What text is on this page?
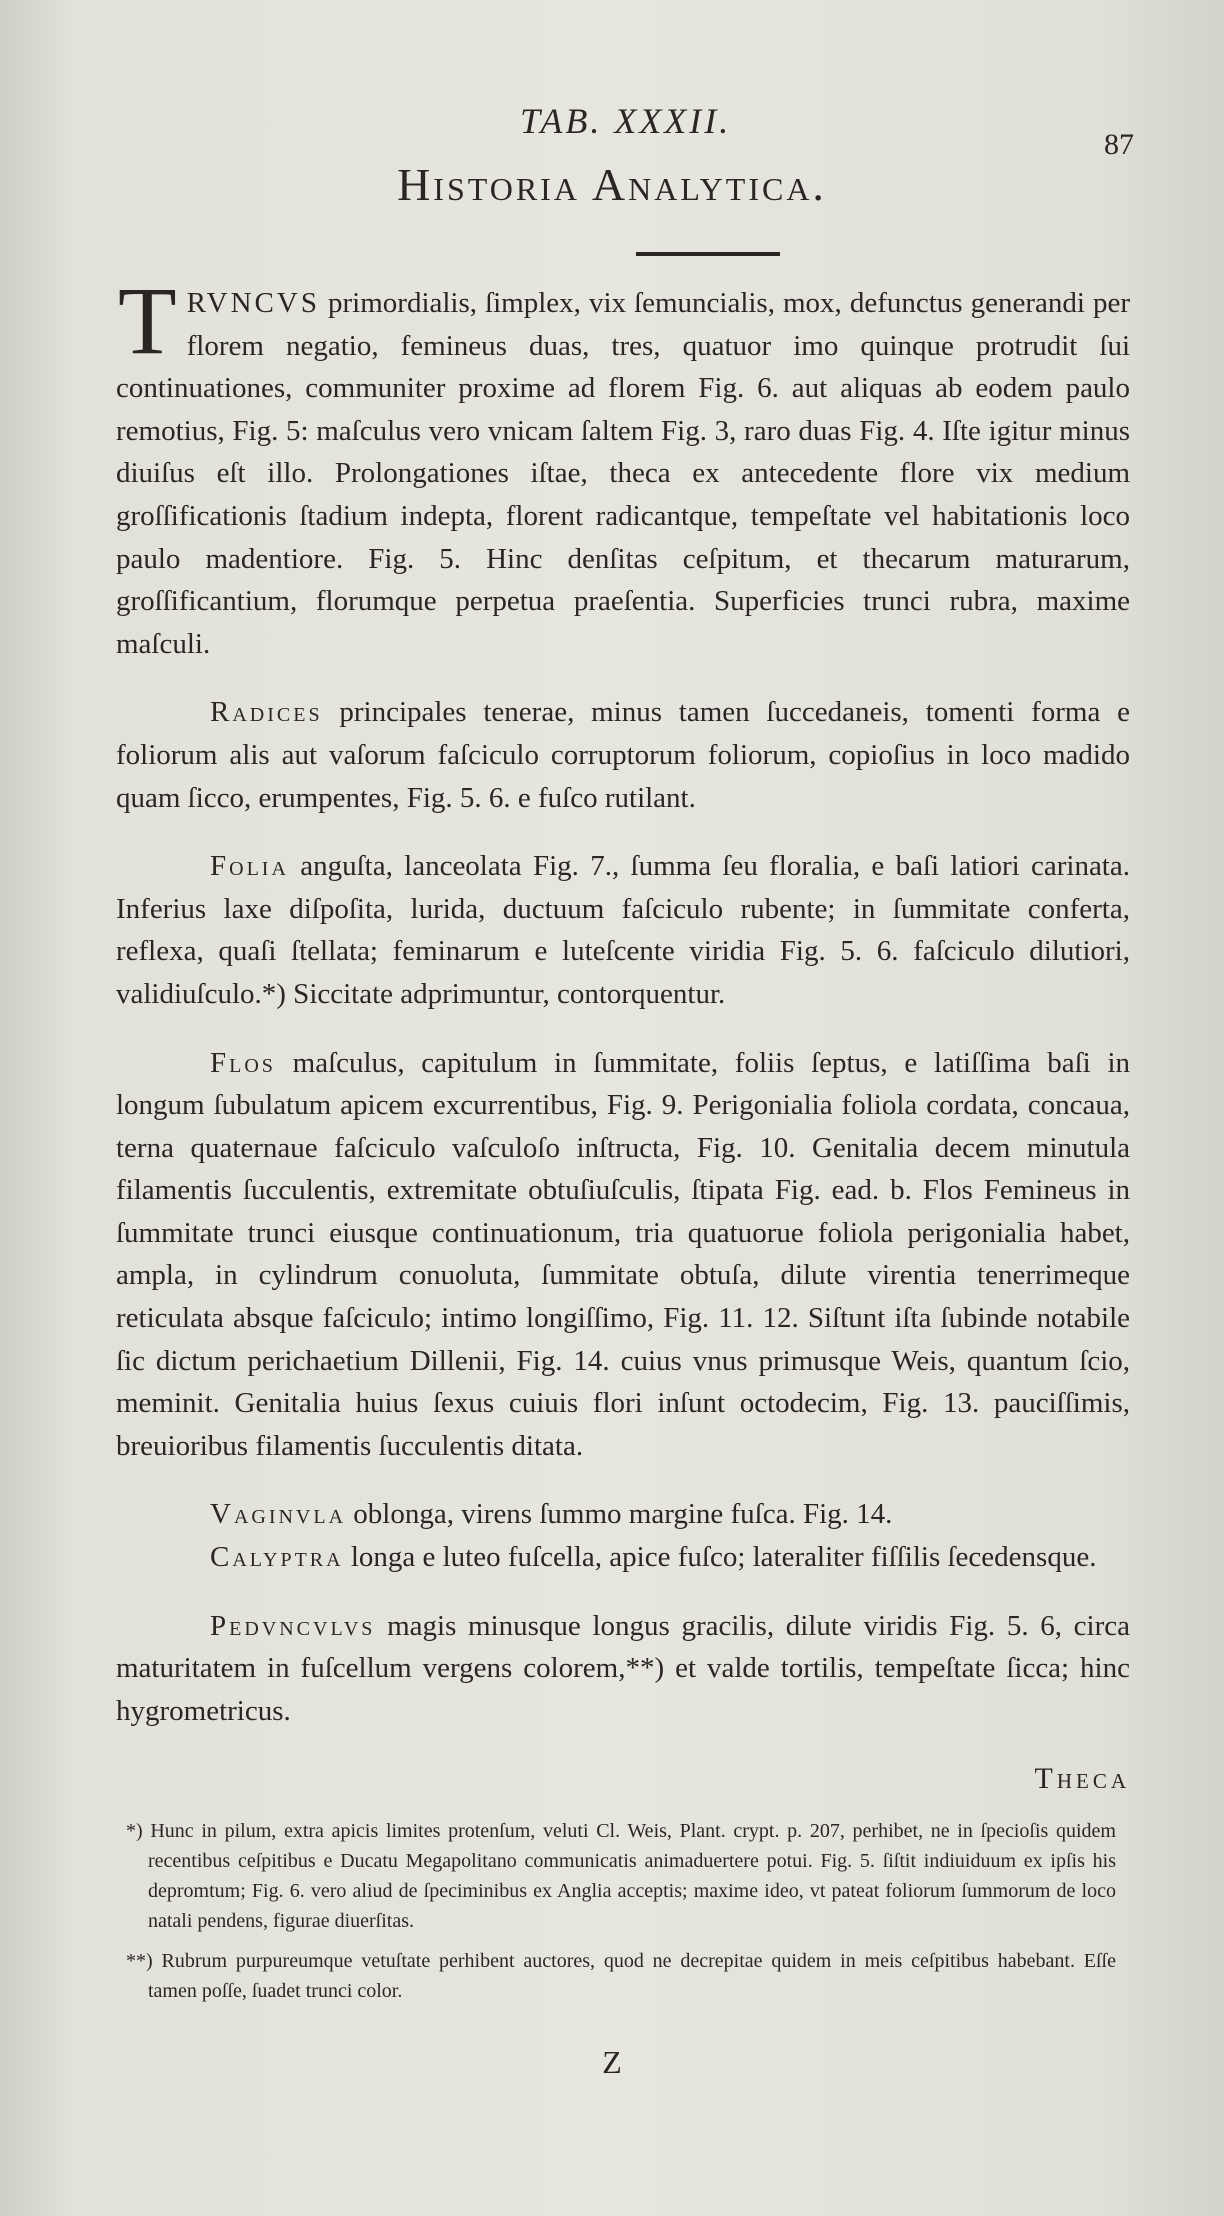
TAB. XXXII.
87
Historia Analytica.

TRVNCVS primordialis, ſimplex, vix ſemuncialis, mox, defunctus generandi per florem negatio, femineus duas, tres, quatuor imo quinque protrudit ſui continuationes, communiter proxime ad florem Fig. 6. aut aliquas ab eodem paulo remotius, Fig. 5: maſculus vero vnicam ſaltem Fig. 3, raro duas Fig. 4. Iſte igitur minus diuiſus eſt illo. Prolongationes iſtae, theca ex antecedente flore vix medium groſſificationis ſtadium indepta, florent radicantque, tempeſtate vel habitationis loco paulo madentiore. Fig. 5. Hinc denſitas ceſpitum, et thecarum maturarum, groſſificantium, florumque perpetua praeſentia. Superficies trunci rubra, maxime maſculi.

Radices principales tenerae, minus tamen ſuccedaneis, tomenti forma e foliorum alis aut vaſorum faſciculo corruptorum foliorum, copioſius in loco madido quam ſicco, erumpentes, Fig. 5. 6. e fuſco rutilant.

Folia anguſta, lanceolata Fig. 7., ſumma ſeu floralia, e baſi latiori carinata. Inferius laxe diſpoſita, lurida, ductuum faſciculo rubente; in ſummitate conferta, reflexa, quaſi ſtellata; feminarum e luteſcente viridia Fig. 5. 6. faſciculo dilutiori, validiuſculo.*) Siccitate adprimuntur, contorquentur.

Flos maſculus, capitulum in ſummitate, foliis ſeptus, e latiſſima baſi in longum ſubulatum apicem excurrentibus, Fig. 9. Perigonialia foliola cordata, concaua, terna quaternaue faſciculo vaſculoſo inſtructa, Fig. 10. Genitalia decem minutula filamentis ſucculentis, extremitate obtuſiuſculis, ſtipata Fig. ead. b. Flos Femineus in ſummitate trunci eiusque continuationum, tria quatuorue foliola perigonialia habet, ampla, in cylindrum conuoluta, ſummitate obtuſa, dilute virentia tenerrimeque reticulata absque faſciculo; intimo longiſſimo, Fig. 11. 12. Siſtunt iſta ſubinde notabile ſic dictum perichaetium Dillenii, Fig. 14. cuius vnus primusque Weis, quantum ſcio, meminit. Genitalia huius ſexus cuiuis flori inſunt octodecim, Fig. 13. pauciſſimis, breuioribus filamentis ſucculentis ditata.

Vaginvla oblonga, virens ſummo margine fuſca. Fig. 14.

Calyptra longa e luteo fuſcella, apice fuſco; lateraliter fiſſilis ſecedensque.

Pedvncvlvs magis minusque longus gracilis, dilute viridis Fig. 5. 6, circa maturitatem in fuſcellum vergens colorem,**) et valde tortilis, tempeſtate ſicca; hinc hygrometricus.

Theca

*) Hunc in pilum, extra apicis limites protenſum, veluti Cl. Weis, Plant. crypt. p. 207, perhibet, ne in ſpecioſis quidem recentibus ceſpitibus e Ducatu Megapolitano communicatis animaduertere potui. Fig. 5. ſiſtit indiuiduum ex ipſis his depromtum; Fig. 6. vero aliud de ſpeciminibus ex Anglia acceptis; maxime ideo, vt pateat foliorum ſummorum de loco natali pendens, figurae diuerſitas.

**) Rubrum purpureumque vetuſtate perhibent auctores, quod ne decrepitae quidem in meis ceſpitibus habebant. Eſſe tamen poſſe, ſuadet trunci color.

Z
